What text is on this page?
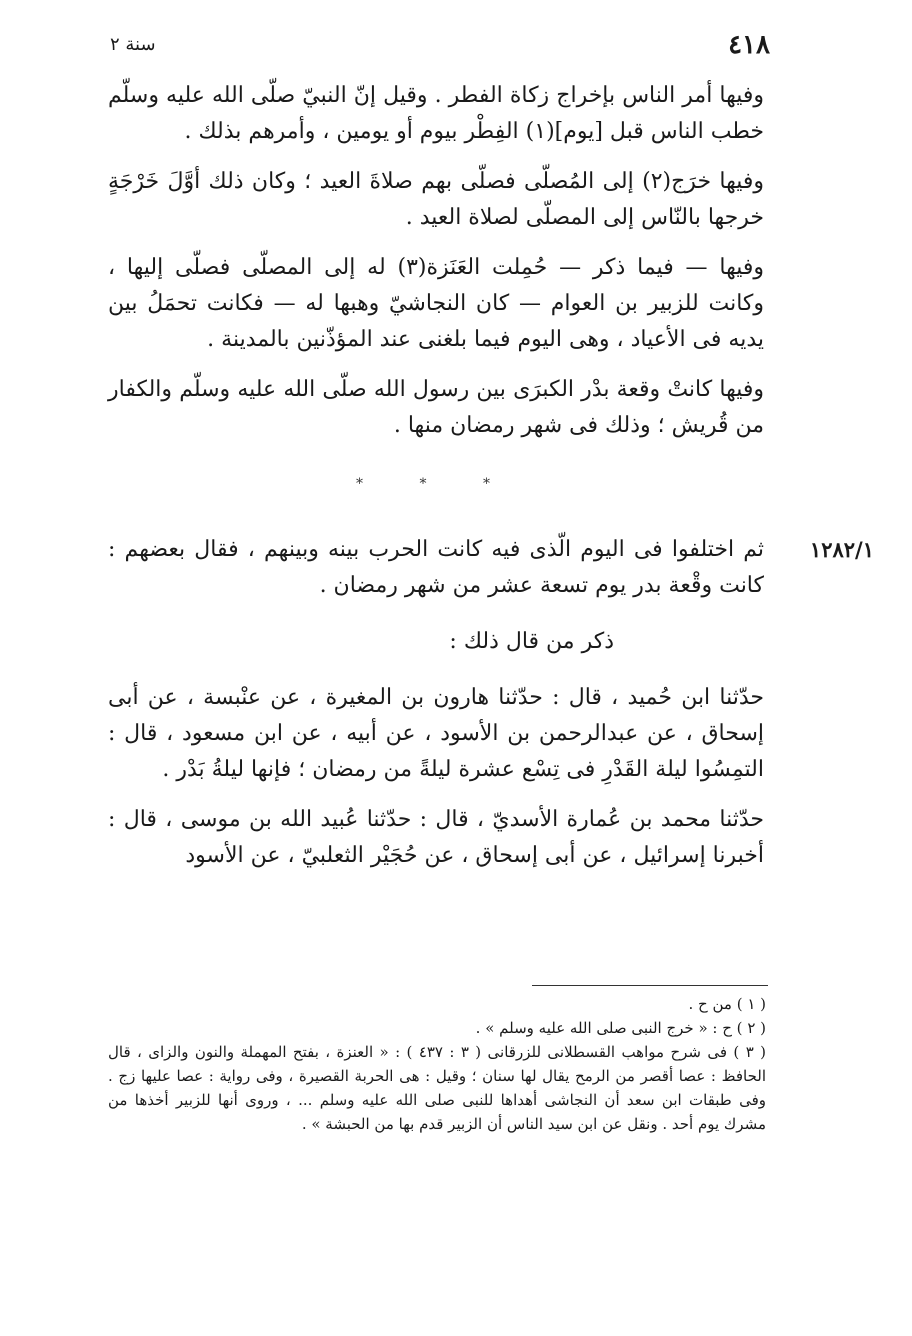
٤١٨
سنة ٢

وفيها أمر الناس بإخراج زكاة الفطر . وقيل إنّ النبيّ صلّى الله عليه وسلّم خطب الناس قبل [يوم](١) الفِطْر بيوم أو يومين ، وأمرهم بذلك .

وفيها خرَج(٢) إلى المُصلّى فصلّى بهم صلاةَ العيد ؛ وكان ذلك أوَّلَ خَرْجَةٍ خرجها بالنّاس إلى المصلّى لصلاة العيد .

وفيها — فيما ذكر — حُمِلت العَنَزة(٣) له إلى المصلّى فصلّى إليها ، وكانت للزبير بن العوام — كان النجاشيّ وهبها له — فكانت تحمَلُ بين يديه فى الأعياد ، وهى اليوم فيما بلغنى عند المؤذّنين بالمدينة .

وفيها كانتْ وقعة بدْر الكبرَى بين رسول الله صلّى الله عليه وسلّم والكفار من قُريش ؛ وذلك فى شهر رمضان منها .

* * *
١٢٨٢/١

ثم اختلفوا فى اليوم الّذى فيه كانت الحرب بينه وبينهم ، فقال بعضهم : كانت وقْعة بدر يوم تسعة عشر من شهر رمضان .

ذكر من قال ذلك :

حدّثنا ابن حُميد ، قال : حدّثنا هارون بن المغيرة ، عن عنْبسة ، عن أبى إسحاق ، عن عبدالرحمن بن الأسود ، عن أبيه ، عن ابن مسعود ، قال : التمِسُوا ليلة القَدْرِ فى تِسْع عشرة ليلةً من رمضان ؛ فإنها ليلةُ بَدْر .

حدّثنا محمد بن عُمارة الأسديّ ، قال : حدّثنا عُبيد الله بن موسى ، قال : أخبرنا إسرائيل ، عن أبى إسحاق ، عن حُجَيْر الثعلبيّ ، عن الأسود

( ١ ) من ح .

( ٢ ) ح : « خرج النبى صلى الله عليه وسلم » .

( ٣ ) فى شرح مواهب القسطلانى للزرقانى ( ٣ : ٤٣٧ ) : « العنزة ، بفتح المهملة والنون والزاى ، قال الحافظ : عصا أقصر من الرمح يقال لها سنان ؛ وقيل : هى الحربة القصيرة ، وفى رواية : عصا عليها زج . وفى طبقات ابن سعد أن النجاشى أهداها للنبى صلى الله عليه وسلم ... ، وروى أنها للزبير أخذها من مشرك يوم أحد . ونقل عن ابن سيد الناس أن الزبير قدم بها من الحبشة » .
